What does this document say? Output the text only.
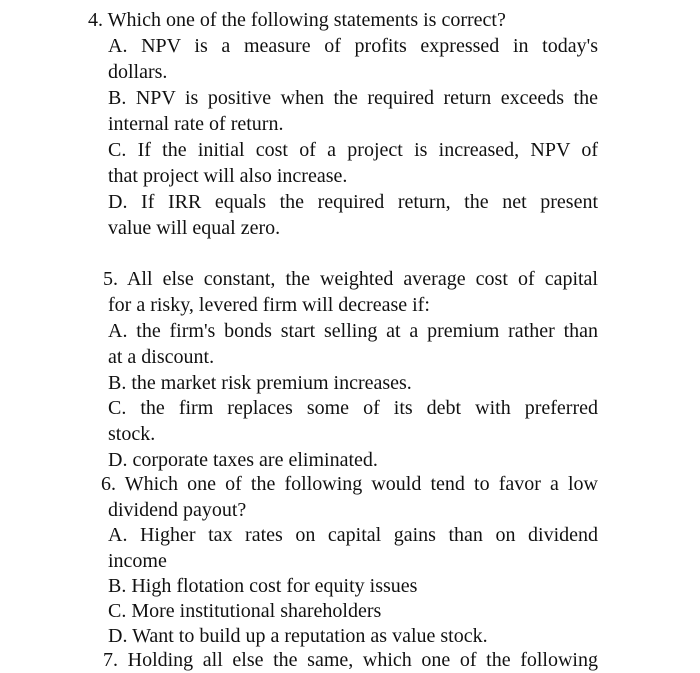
4. Which one of the following statements is correct?

A. NPV is a measure of profits expressed in today's

dollars.

B. NPV is positive when the required return exceeds the

internal rate of return.

C. If the initial cost of a project is increased, NPV of

that project will also increase.

D. If IRR equals the required return, the net present

value will equal zero.

5. All else constant, the weighted average cost of capital

for a risky, levered firm will decrease if:

A. the firm's bonds start selling at a premium rather than

at a discount.

B. the market risk premium increases.

C. the firm replaces some of its debt with preferred

stock.

D. corporate taxes are eliminated.

6. Which one of the following would tend to favor a low

dividend payout?

A. Higher tax rates on capital gains than on dividend

income

B. High flotation cost for equity issues

C. More institutional shareholders

D. Want to build up a reputation as value stock.

7. Holding all else the same, which one of the following
